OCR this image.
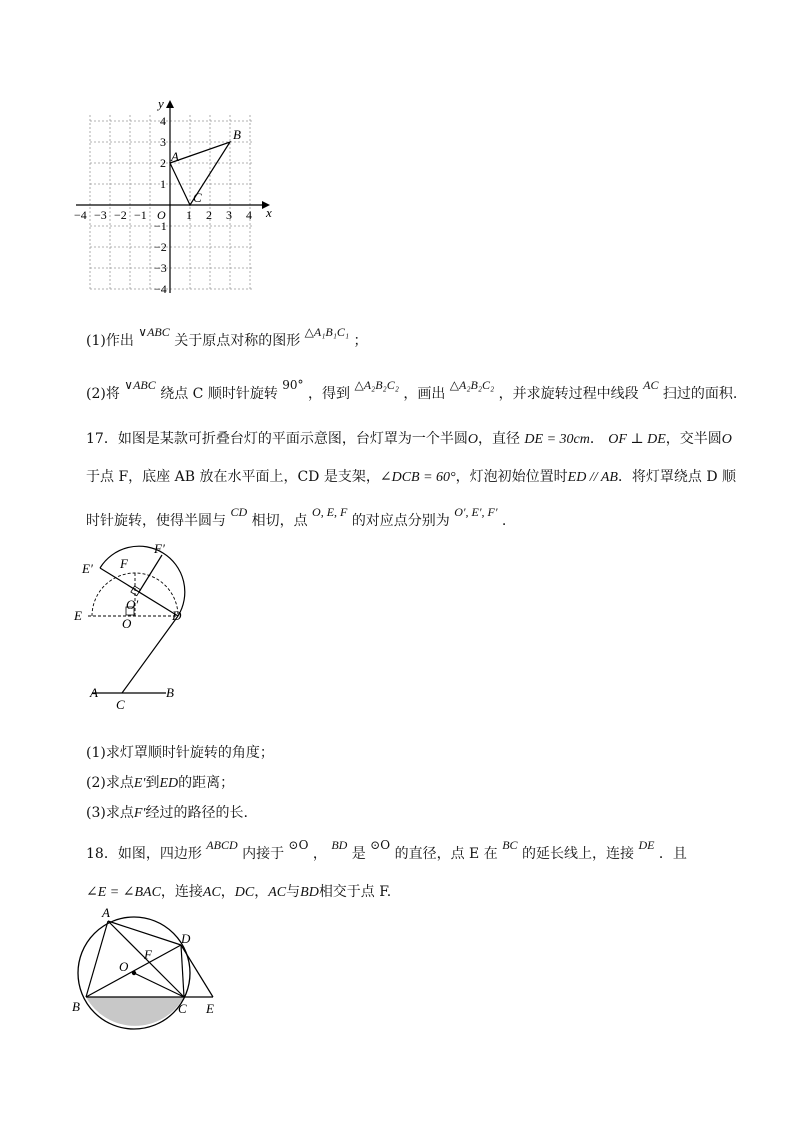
x
y
A
B
C
−4 −3 −2 −1 O 1 2 3 4
4
3
2
1
−1
−2
−3
−4
(1)作出 ∨ABC 关于原点对称的图形 △A₁B₁C₁ ；
(2)将 ∨ABC 绕点 C 顺时针旋转 90° ，得到 △A₂B₂C₂ ，画出 △A₂B₂C₂ ，并求旋转过程中线段 AC 扫过的面积.
17．如图是某款可折叠台灯的平面示意图，台灯罩为一个半圆O，直径 DE = 30cm． OF ⊥ DE，交半圆O
于点 F，底座 AB 放在水平面上，CD 是支架，∠DCB = 60°，灯泡初始位置时ED // AB．将灯罩绕点 D 顺
时针旋转，使得半圆与 CD 相切，点 O, E, F 的对应点分别为 O′, E′, F′ .
F′
E′ F
O′
E
O
D
A	B
C
(1)求灯罩顺时针旋转的角度；
(2)求点E′到ED的距离；
(3)求点F′经过的路径的长.
18．如图，四边形 ABCD 内接于 ⊙O ， BD 是 ⊙O 的直径，点 E 在 BC 的延长线上，连接 DE ．且
∠E = ∠BAC，连接AC，DC，AC与BD相交于点 F.
A
D
F
O
B	C E
